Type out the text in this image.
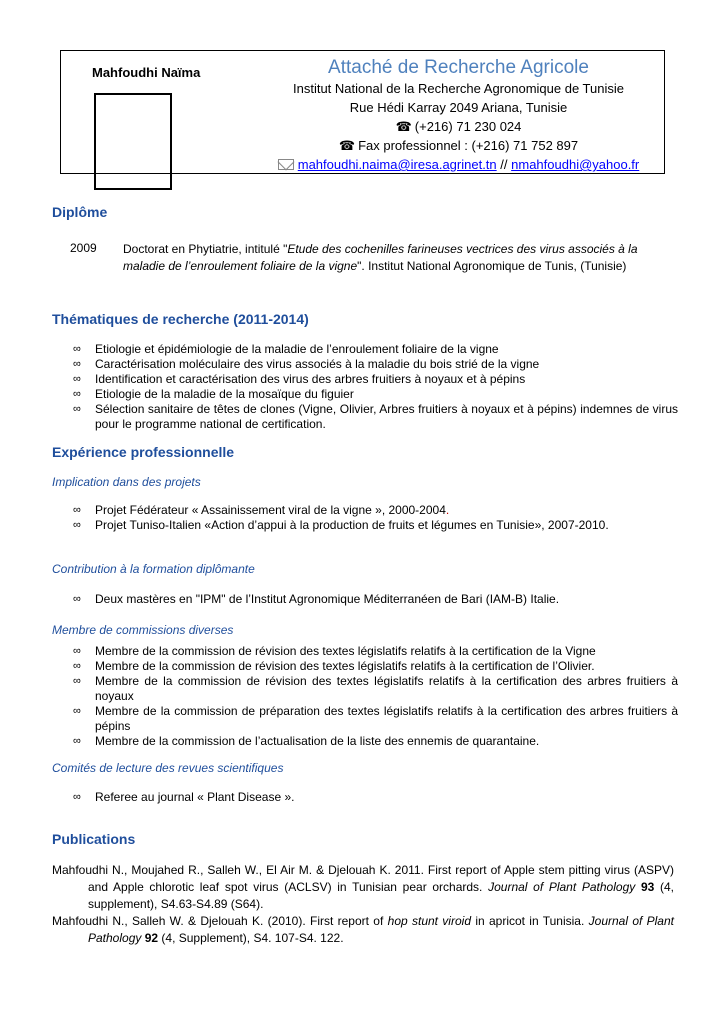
Mahfoudhi Naïma	Attaché de Recherche Agricole
Institut National de la Recherche Agronomique de Tunisie
Rue Hédi Karray 2049 Ariana, Tunisie
☎ (+216) 71 230 024
☎ Fax professionnel : (+216) 71 752 897
mahfoudhi.naima@iresa.agrinet.tn // nmahfoudhi@yahoo.fr
Diplôme
2009 Doctorat en Phytiatrie, intitulé "Etude des cochenilles farineuses vectrices des virus associés à la maladie de l’enroulement foliaire de la vigne". Institut National Agronomique de Tunis, (Tunisie)
Thématiques de recherche (2011-2014)
∞ Etiologie et épidémiologie de la maladie de l’enroulement foliaire de la vigne
∞ Caractérisation moléculaire des virus associés à la maladie du bois strié de la vigne
∞ Identification et caractérisation des virus des arbres fruitiers à noyaux et à pépins
∞ Etiologie de la maladie de la mosaïque du figuier
∞ Sélection sanitaire de têtes de clones (Vigne, Olivier, Arbres fruitiers à noyaux et à pépins) indemnes de virus pour le programme national de certification.
Expérience professionnelle
Implication dans des projets
∞ Projet Fédérateur « Assainissement viral de la vigne », 2000-2004.
∞ Projet Tuniso-Italien «Action d’appui à la production de fruits et légumes en Tunisie», 2007-2010.
Contribution à la formation diplômante
∞ Deux mastères en "IPM" de l’Institut Agronomique Méditerranéen de Bari (IAM-B) Italie.
Membre de commissions diverses
∞ Membre de la commission de révision des textes législatifs relatifs à la certification de la Vigne
∞ Membre de la commission de révision des textes législatifs relatifs à la certification de l’Olivier.
∞ Membre de la commission de révision des textes législatifs relatifs à la certification des arbres fruitiers à noyaux
∞ Membre de la commission de préparation des textes législatifs relatifs à la certification des arbres fruitiers à pépins
∞ Membre de la commission de l’actualisation de la liste des ennemis de quarantaine.
Comités de lecture des revues scientifiques
∞ Referee au journal « Plant Disease ».
Publications
Mahfoudhi N., Moujahed R., Salleh W., El Air M. & Djelouah K. 2011. First report of Apple stem pitting virus (ASPV) and Apple chlorotic leaf spot virus (ACLSV) in Tunisian pear orchards. Journal of Plant Pathology 93 (4, supplement), S4.63-S4.89 (S64).
Mahfoudhi N., Salleh W. & Djelouah K. (2010). First report of hop stunt viroid in apricot in Tunisia. Journal of Plant Pathology 92 (4, Supplement), S4. 107-S4. 122.
